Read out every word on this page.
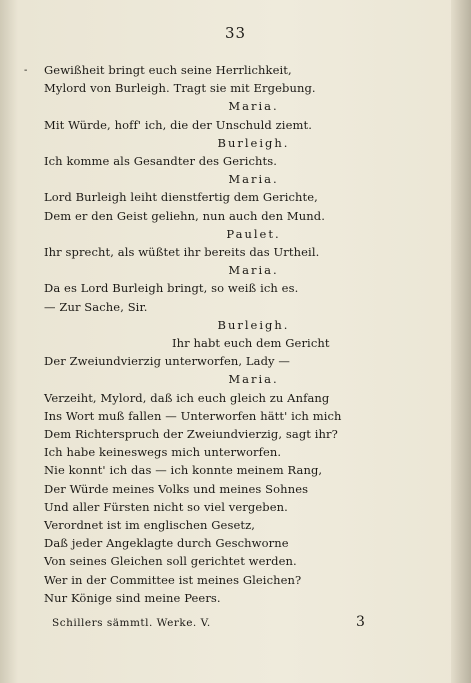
33
- Gewißheit bringt euch seine Herrlichkeit,
Mylord von Burleigh. Tragt sie mit Ergebung.
Maria.
Mit Würde, hoff' ich, die der Unschuld ziemt.
Burleigh.
Ich komme als Gesandter des Gerichts.
Maria.
Lord Burleigh leiht dienstfertig dem Gerichte,
Dem er den Geist geliehn, nun auch den Mund.
Paulet.
Ihr sprecht, als wüßtet ihr bereits das Urtheil.
Maria.
Da es Lord Burleigh bringt, so weiß ich es.
— Zur Sache, Sir.
Burleigh.
Ihr habt euch dem Gericht
Der Zweiundvierzig unterworfen, Lady —
Maria.
Verzeiht, Mylord, daß ich euch gleich zu Anfang
Ins Wort muß fallen — Unterworfen hätt' ich mich
Dem Richterspruch der Zweiundvierzig, sagt ihr?
Ich habe keineswegs mich unterworfen.
Nie konnt' ich das — ich konnte meinem Rang,
Der Würde meines Volks und meines Sohnes
Und aller Fürsten nicht so viel vergeben.
Verordnet ist im englischen Gesetz,
Daß jeder Angeklagte durch Geschworne
Von seines Gleichen soll gerichtet werden.
Wer in der Committee ist meines Gleichen?
Nur Könige sind meine Peers.
Schillers sämmtl. Werke. V.	3
